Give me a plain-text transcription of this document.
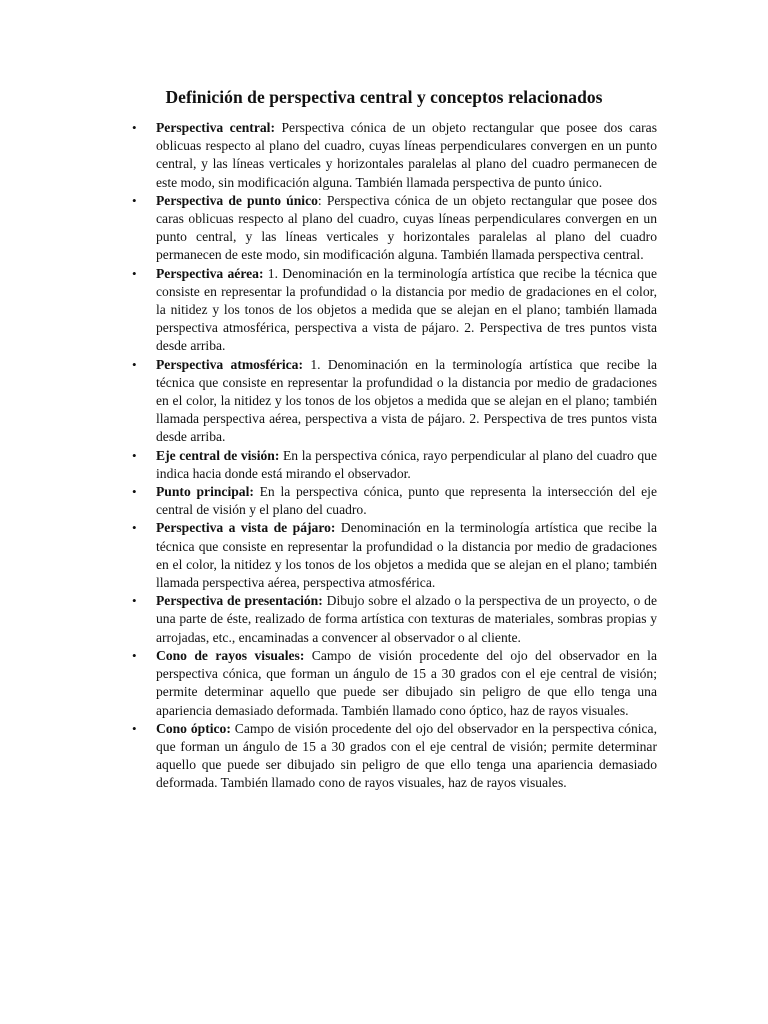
Definición de perspectiva central y conceptos relacionados
• Perspectiva central: Perspectiva cónica de un objeto rectangular que posee dos caras oblicuas respecto al plano del cuadro, cuyas líneas perpendiculares convergen en un punto central, y las líneas verticales y horizontales paralelas al plano del cuadro permanecen de este modo, sin modificación alguna. También llamada perspectiva de punto único.
• Perspectiva de punto único: Perspectiva cónica de un objeto rectangular que posee dos caras oblicuas respecto al plano del cuadro, cuyas líneas perpendiculares convergen en un punto central, y las líneas verticales y horizontales paralelas al plano del cuadro permanecen de este modo, sin modificación alguna. También llamada perspectiva central.
• Perspectiva aérea: 1. Denominación en la terminología artística que recibe la técnica que consiste en representar la profundidad o la distancia por medio de gradaciones en el color, la nitidez y los tonos de los objetos a medida que se alejan en el plano; también llamada perspectiva atmosférica, perspectiva a vista de pájaro. 2. Perspectiva de tres puntos vista desde arriba.
• Perspectiva atmosférica: 1. Denominación en la terminología artística que recibe la técnica que consiste en representar la profundidad o la distancia por medio de gradaciones en el color, la nitidez y los tonos de los objetos a medida que se alejan en el plano; también llamada perspectiva aérea, perspectiva a vista de pájaro. 2. Perspectiva de tres puntos vista desde arriba.
• Eje central de visión: En la perspectiva cónica, rayo perpendicular al plano del cuadro que indica hacia donde está mirando el observador.
• Punto principal: En la perspectiva cónica, punto que representa la intersección del eje central de visión y el plano del cuadro.
• Perspectiva a vista de pájaro: Denominación en la terminología artística que recibe la técnica que consiste en representar la profundidad o la distancia por medio de gradaciones en el color, la nitidez y los tonos de los objetos a medida que se alejan en el plano; también llamada perspectiva aérea, perspectiva atmosférica.
• Perspectiva de presentación: Dibujo sobre el alzado o la perspectiva de un proyecto, o de una parte de éste, realizado de forma artística con texturas de materiales, sombras propias y arrojadas, etc., encaminadas a convencer al observador o al cliente.
• Cono de rayos visuales: Campo de visión procedente del ojo del observador en la perspectiva cónica, que forman un ángulo de 15 a 30 grados con el eje central de visión; permite determinar aquello que puede ser dibujado sin peligro de que ello tenga una apariencia demasiado deformada. También llamado cono óptico, haz de rayos visuales.
• Cono óptico: Campo de visión procedente del ojo del observador en la perspectiva cónica, que forman un ángulo de 15 a 30 grados con el eje central de visión; permite determinar aquello que puede ser dibujado sin peligro de que ello tenga una apariencia demasiado deformada. También llamado cono de rayos visuales, haz de rayos visuales.
